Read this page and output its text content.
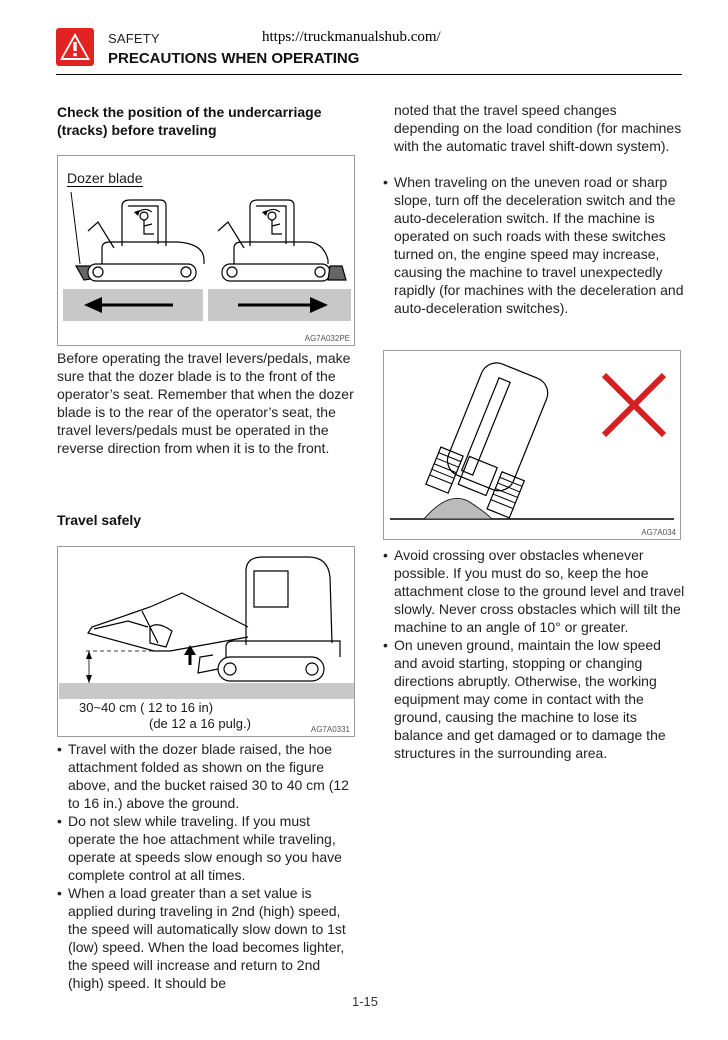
SAFETY	https://truckmanualshub.com/
PRECAUTIONS WHEN OPERATING
Check the position of the undercarriage (tracks) before traveling
Dozer blade
AG7A032PE
Before operating the travel levers/pedals, make sure that the dozer blade is to the front of the operator’s seat. Remember that when the dozer blade is to the rear of the operator’s seat, the travel levers/pedals must be operated in the reverse direction from when it is to the front.
Travel safely
30~40 cm ( 12 to 16 in)
(de 12 a 16 pulg.)	AG7A0331
• Travel with the dozer blade raised, the hoe attachment folded as shown on the figure above, and the bucket raised 30 to 40 cm (12 to 16 in.) above the ground.
• Do not slew while traveling. If you must operate the hoe attachment while traveling, operate at speeds slow enough so you have complete control at all times.
• When a load greater than a set value is applied during traveling in 2nd (high) speed, the speed will automatically slow down to 1st (low) speed. When the load becomes lighter, the speed will increase and return to 2nd (high) speed. It should be
noted that the travel speed changes depending on the load condition (for machines with the automatic travel shift-down system).
• When traveling on the uneven road or sharp slope, turn off the deceleration switch and the auto-deceleration switch. If the machine is operated on such roads with these switches turned on, the engine speed may increase, causing the machine to travel unexpectedly rapidly (for machines with the deceleration and auto-deceleration switches).
AG7A034
• Avoid crossing over obstacles whenever possible. If you must do so, keep the hoe attachment close to the ground level and travel slowly. Never cross obstacles which will tilt the machine to an angle of 10° or greater.
• On uneven ground, maintain the low speed and avoid starting, stopping or changing directions abruptly. Otherwise, the working equipment may come in contact with the ground, causing the machine to lose its balance and get damaged or to damage the structures in the surrounding area.
1-15
